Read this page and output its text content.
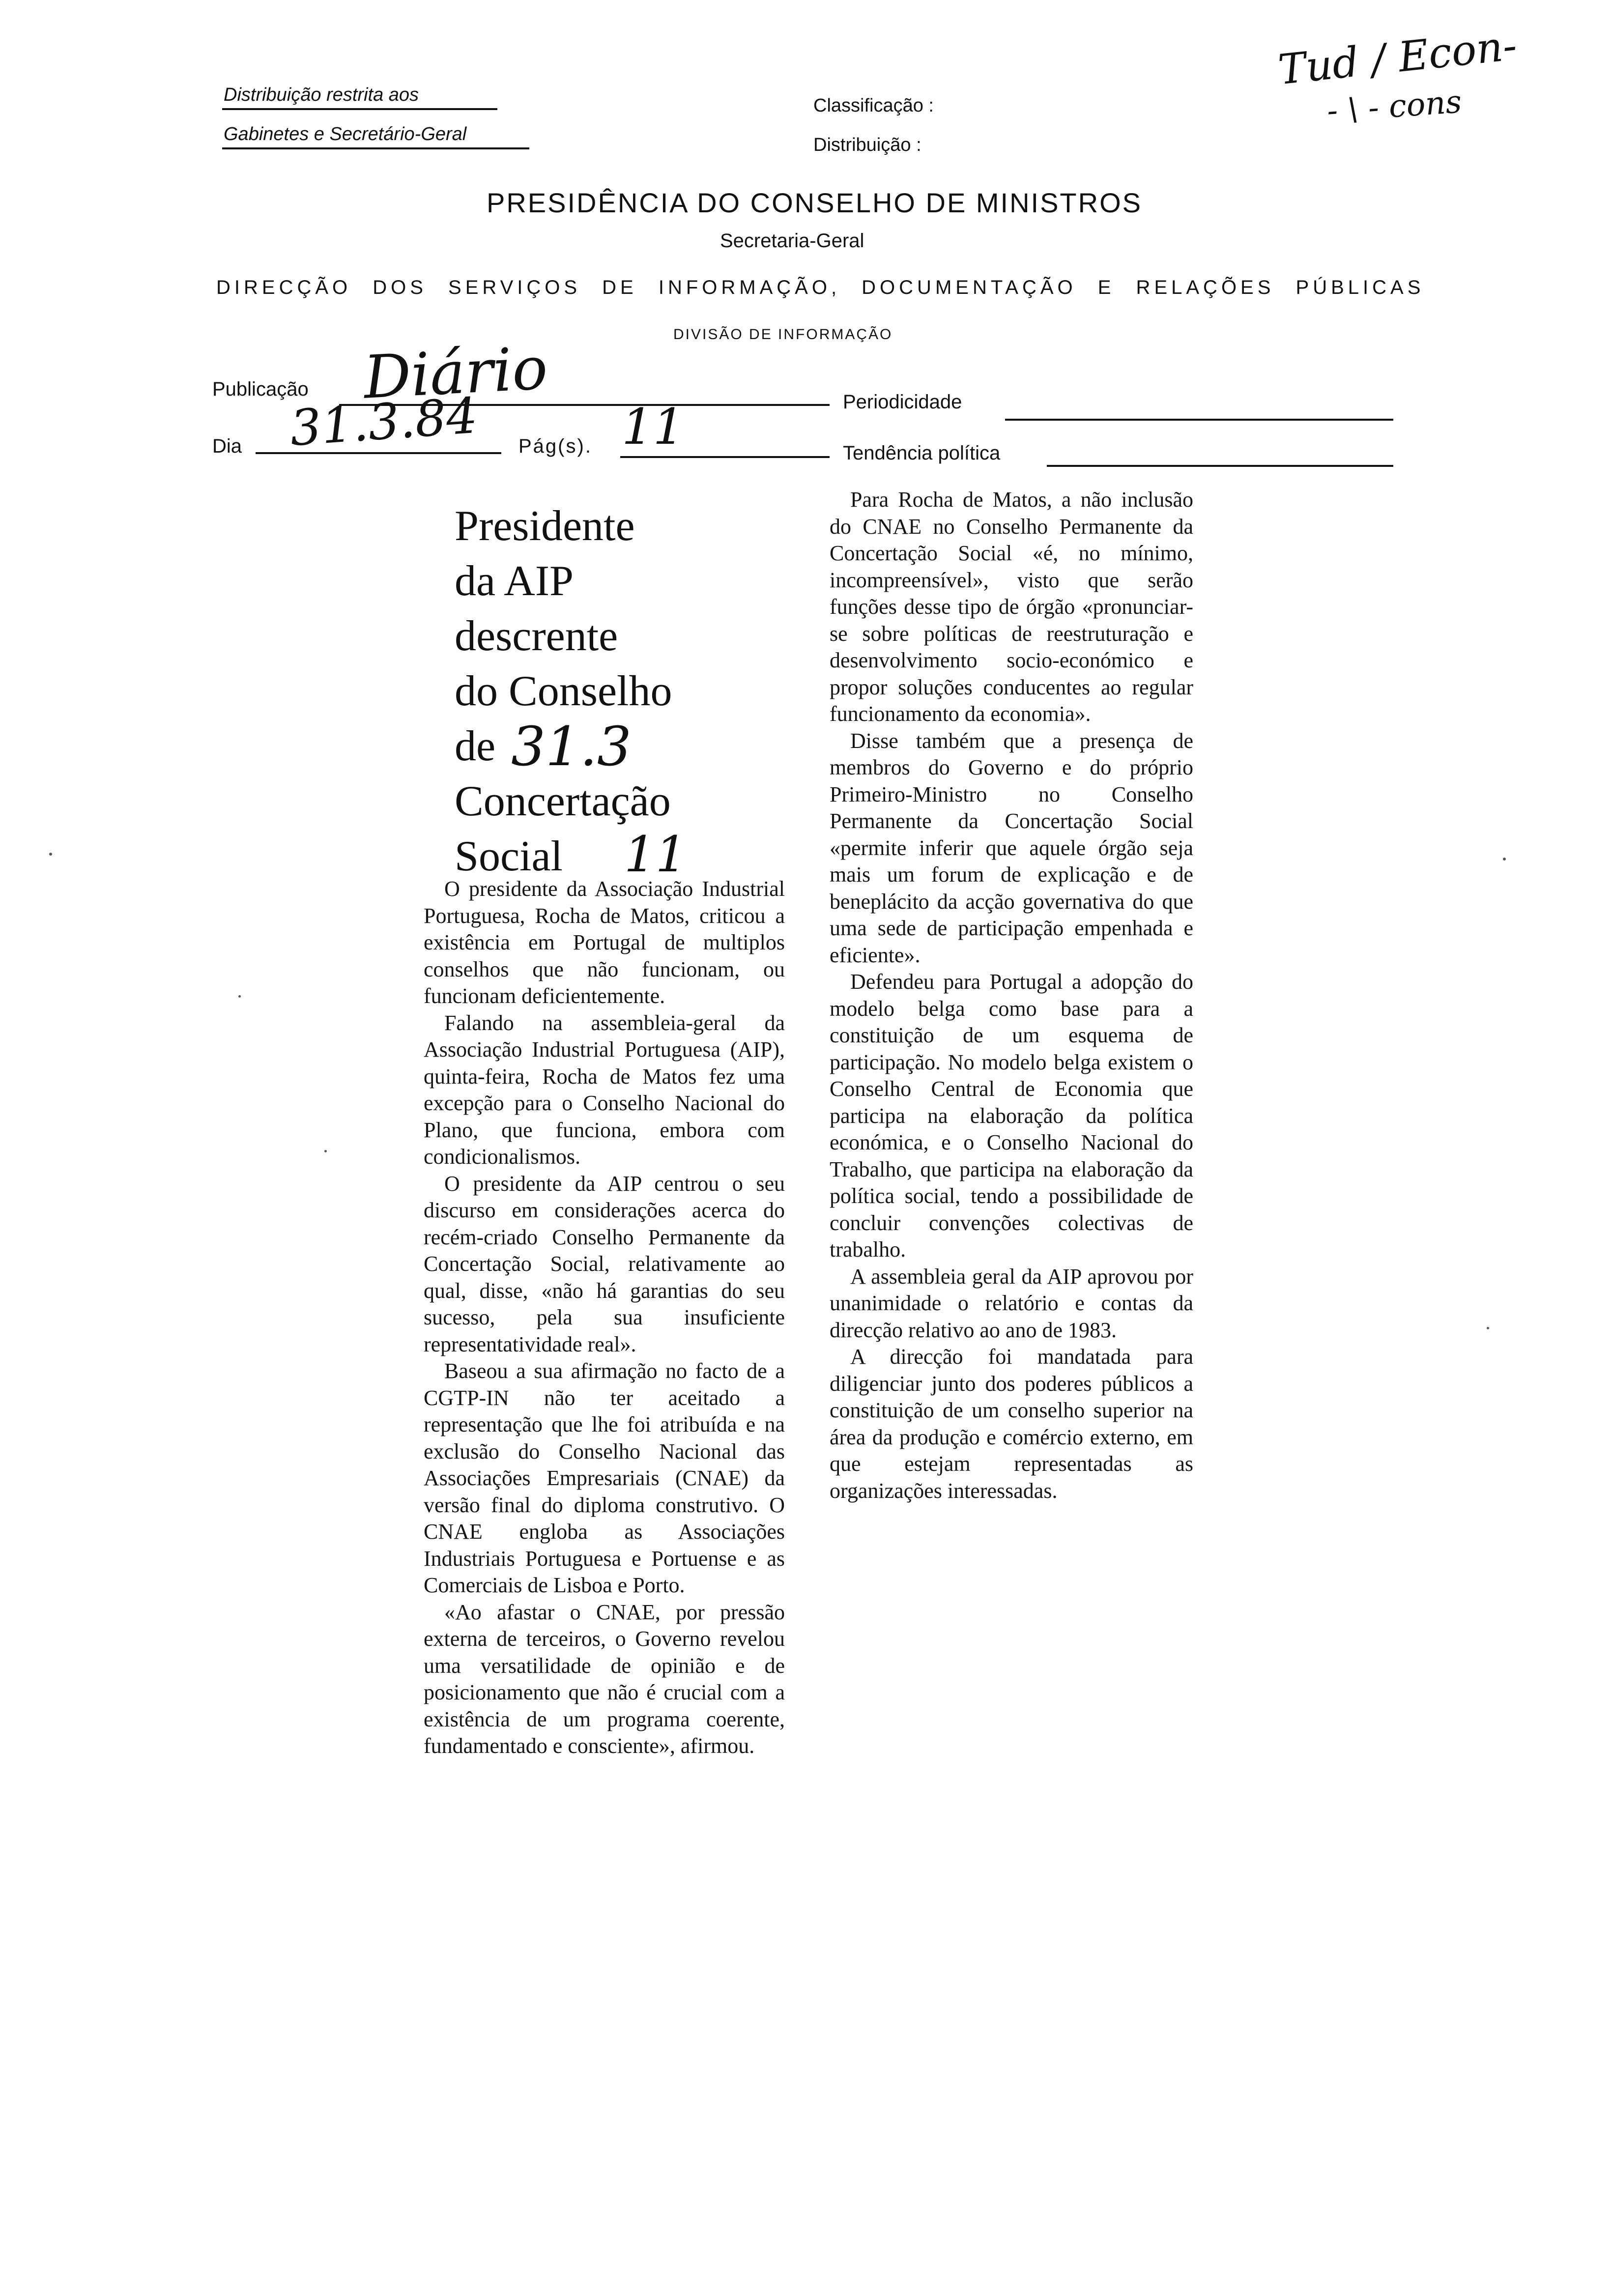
Distribuição restrita aos
Gabinetes e Secretário-Geral
Classificação :
Distribuição :
Tud / Econ-
- \ - cons
PRESIDÊNCIA DO CONSELHO DE MINISTROS
Secretaria-Geral
DIRECÇÃO DOS SERVIÇOS DE INFORMAÇÃO, DOCUMENTAÇÃO E RELAÇÕES PÚBLICAS
DIVISÃO DE INFORMAÇÃO
Publicação Diário	Periodicidade
Dia 31.3.84 Pág(s). 11	Tendência política
Presidente
da AIP
descrente
do Conselho
de
Concertação
Social
31.3
11

O presidente da Associação Industrial Portuguesa, Rocha de Matos, criticou a existência em Portugal de multiplos conselhos que não funcionam, ou funcionam deficientemente.

Falando na assembleia-geral da Associação Industrial Portuguesa (AIP), quinta-feira, Rocha de Matos fez uma excepção para o Conselho Nacional do Plano, que funciona, embora com condicionalismos.

O presidente da AIP centrou o seu discurso em considerações acerca do recém-criado Conselho Permanente da Concertação Social, relativamente ao qual, disse, «não há garantias do seu sucesso, pela sua insuficiente representatividade real».

Baseou a sua afirmação no facto de a CGTP-IN não ter aceitado a representação que lhe foi atribuída e na exclusão do Conselho Nacional das Associações Empresariais (CNAE) da versão final do diploma construtivo. O CNAE engloba as Associações Industriais Portuguesa e Portuense e as Comerciais de Lisboa e Porto.

«Ao afastar o CNAE, por pressão externa de terceiros, o Governo revelou uma versatilidade de opinião e de posicionamento que não é crucial com a existência de um programa coerente, fundamentado e consciente», afirmou.

Para Rocha de Matos, a não inclusão do CNAE no Conselho Permanente da Concertação Social «é, no mínimo, incompreensível», visto que serão funções desse tipo de órgão «pronunciar-se sobre políticas de reestruturação e desenvolvimento socio-económico e propor soluções conducentes ao regular funcionamento da economia».

Disse também que a presença de membros do Governo e do próprio Primeiro-Ministro no Conselho Permanente da Concertação Social «permite inferir que aquele órgão seja mais um forum de explicação e de beneplácito da acção governativa do que uma sede de participação empenhada e eficiente».

Defendeu para Portugal a adopção do modelo belga como base para a constituição de um esquema de participação. No modelo belga existem o Conselho Central de Economia que participa na elaboração da política económica, e o Conselho Nacional do Trabalho, que participa na elaboração da política social, tendo a possibilidade de concluir convenções colectivas de trabalho.

A assembleia geral da AIP aprovou por unanimidade o relatório e contas da direcção relativo ao ano de 1983.

A direcção foi mandatada para diligenciar junto dos poderes públicos a constituição de um conselho superior na área da produção e comércio externo, em que estejam representadas as organizações interessadas.
